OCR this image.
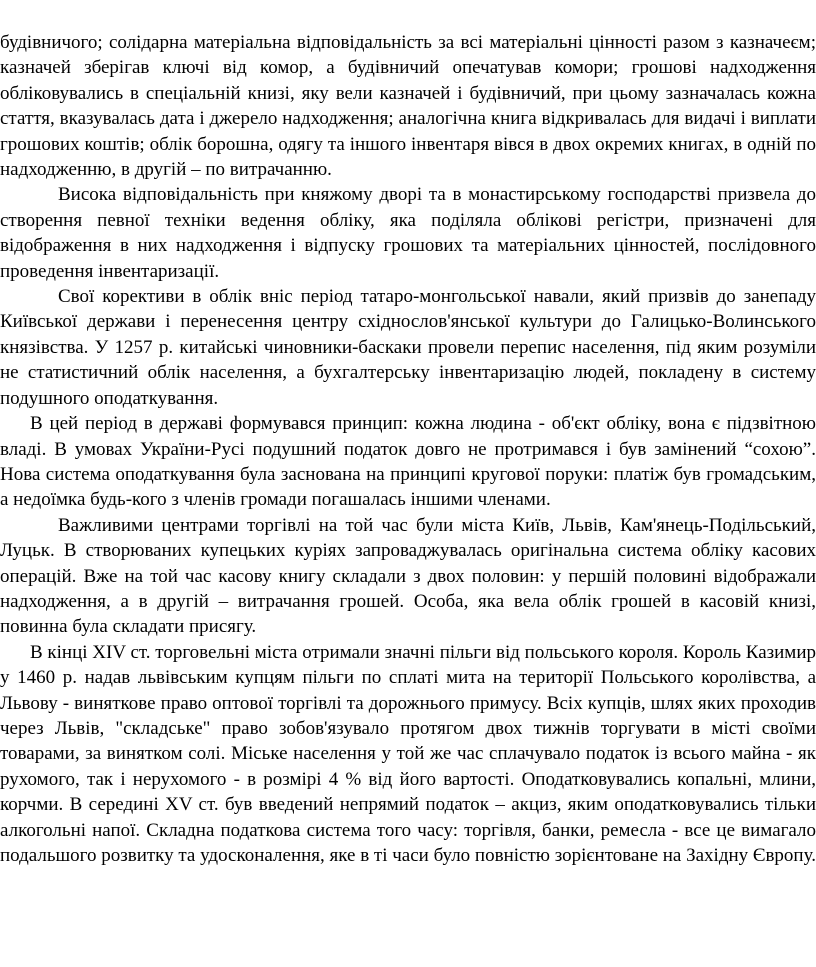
будівничого; солідарна матеріальна відповідальність за всі матеріальні цінності разом з казначеєм; казначей зберігав ключі від комор, а будівничий опечатував комори; грошові надходження обліковувались в спеціальній книзі, яку вели казначей і будівничий, при цьому зазначалась кожна стаття, вказувалась дата і джерело надходження; аналогічна книга відкривалась для видачі і виплати грошових коштів; облік борошна, одягу та іншого інвентаря вівся в двох окремих книгах, в одній по надходженню, в другій – по витрачанню.

Висока відповідальність при княжому дворі та в монастирському господарстві призвела до створення певної техніки ведення обліку, яка поділяла облікові регістри, призначені для відображення в них надходження і відпуску грошових та матеріальних цінностей, послідовного проведення інвентаризації.

Свої корективи в облік вніс період татаро-монгольської навали, який призвів до занепаду Київської держави і перенесення центру східнослов'янської культури до Галицько-Волинського князівства. У 1257 р. китайські чиновники-баскаки провели перепис населення, під яким розуміли не статистичний облік населення, а бухгалтерську інвентаризацію людей, покладену в систему подушного оподаткування.

В цей період в державі формувався принцип: кожна людина - об'єкт обліку, вона є підзвітною владі. В умовах України-Русі подушний податок довго не протримався і був замінений “сохою”. Нова система оподаткування була заснована на принципі кругової поруки: платіж був громадським, а недоїмка будь-кого з членів громади погашалась іншими членами.

Важливими центрами торгівлі на той час були міста Київ, Львів, Кам'янець-Подільський, Луцьк. В створюваних купецьких куріях запроваджувалась оригінальна система обліку касових операцій. Вже на той час касову книгу складали з двох половин: у першій половині відображали надходження, а в другій – витрачання грошей. Особа, яка вела облік грошей в касовій книзі, повинна була складати присягу.

В кінці XIV ст. торговельні міста отримали значні пільги від польського короля. Король Казимир у 1460 р. надав львівським купцям пільги по сплаті мита на території Польського королівства, а Львову - виняткове право оптової торгівлі та дорожнього примусу. Всіх купців, шлях яких проходив через Львів, "складське" право зобов'язувало протягом двох тижнів торгувати в місті своїми товарами, за винятком солі. Міське населення у той же час сплачувало податок із всього майна - як рухомого, так і нерухомого - в розмірі 4 % від його вартості. Оподатковувались копальні, млини, корчми. В середині XV ст. був введений непрямий податок – акциз, яким оподатковувались тільки алкогольні напої. Складна податкова система того часу: торгівля, банки, ремесла - все це вимагало подальшого розвитку та удосконалення, яке в ті часи було повністю зорієнтоване на Західну Європу.
